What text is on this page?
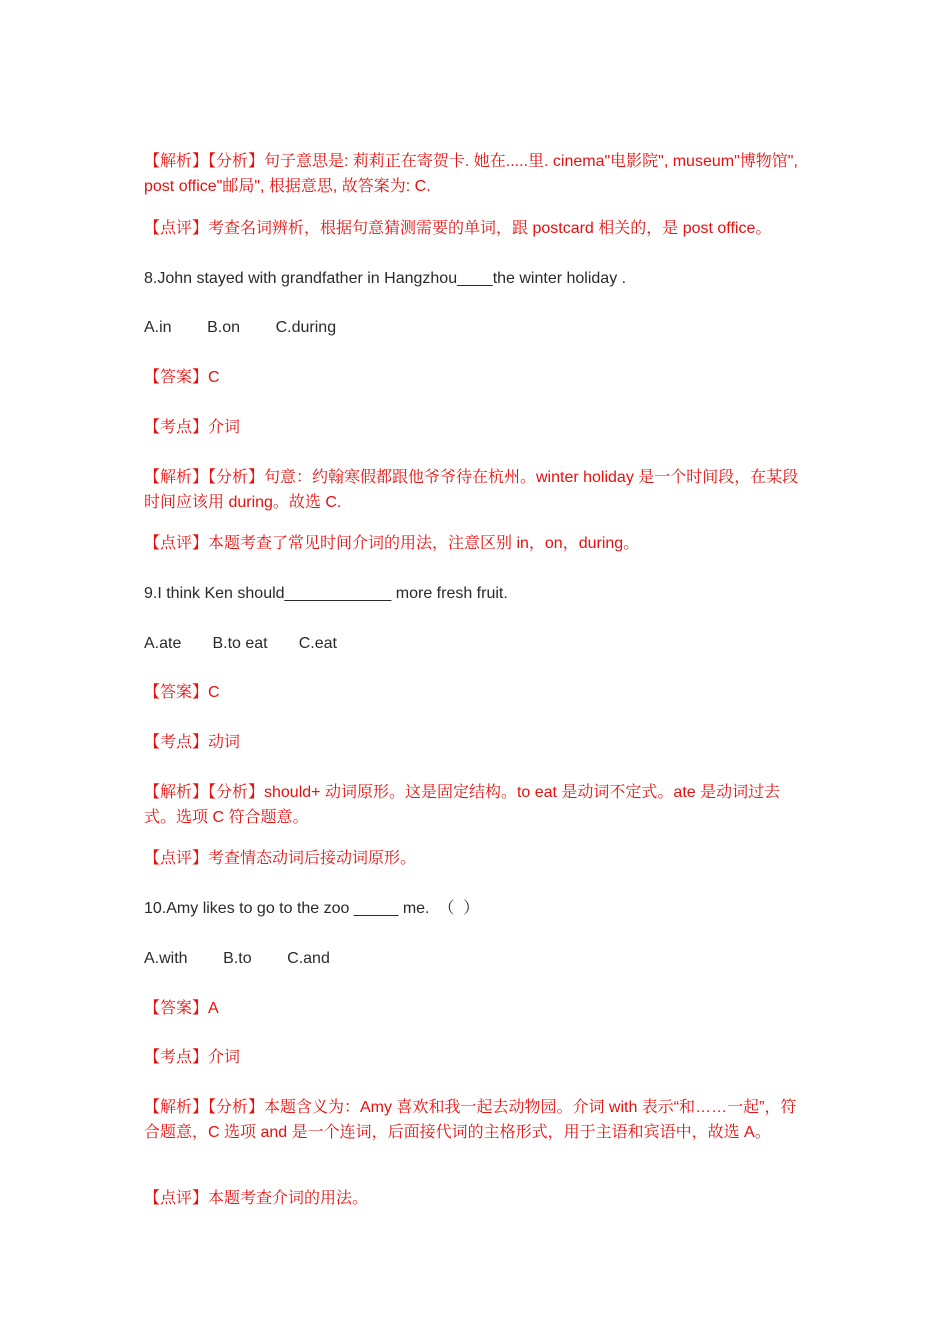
【解析】【分析】句子意思是: 莉莉正在寄贺卡. 她在.....里. cinema"电影院", museum"博物馆", post office"邮局", 根据意思, 故答案为: C.
【点评】考查名词辨析，根据句意猜测需要的单词，跟 postcard 相关的，是 post office。
8.John stayed with grandfather in Hangzhou____the winter holiday .
A.in        B.on        C.during
【答案】C
【考点】介词
【解析】【分析】句意：约翰寒假都跟他爷爷待在杭州。winter holiday 是一个时间段，在某段时间应该用 during。故选 C.
【点评】本题考查了常见时间介词的用法，注意区别 in，on，during。
9.I think Ken should____________ more fresh fruit.
A.ate       B.to eat       C.eat
【答案】C
【考点】动词
【解析】【分析】should+ 动词原形。这是固定结构。to eat 是动词不定式。ate 是动词过去式。选项 C 符合题意。
【点评】考查情态动词后接动词原形。
10.Amy likes to go to the zoo _____ me.  （  ）
A.with        B.to        C.and
【答案】A
【考点】介词
【解析】【分析】本题含义为：Amy 喜欢和我一起去动物园。介词 with 表示“和……一起”，符合题意，C 选项 and 是一个连词，后面接代词的主格形式，用于主语和宾语中，故选 A。
【点评】本题考查介词的用法。
